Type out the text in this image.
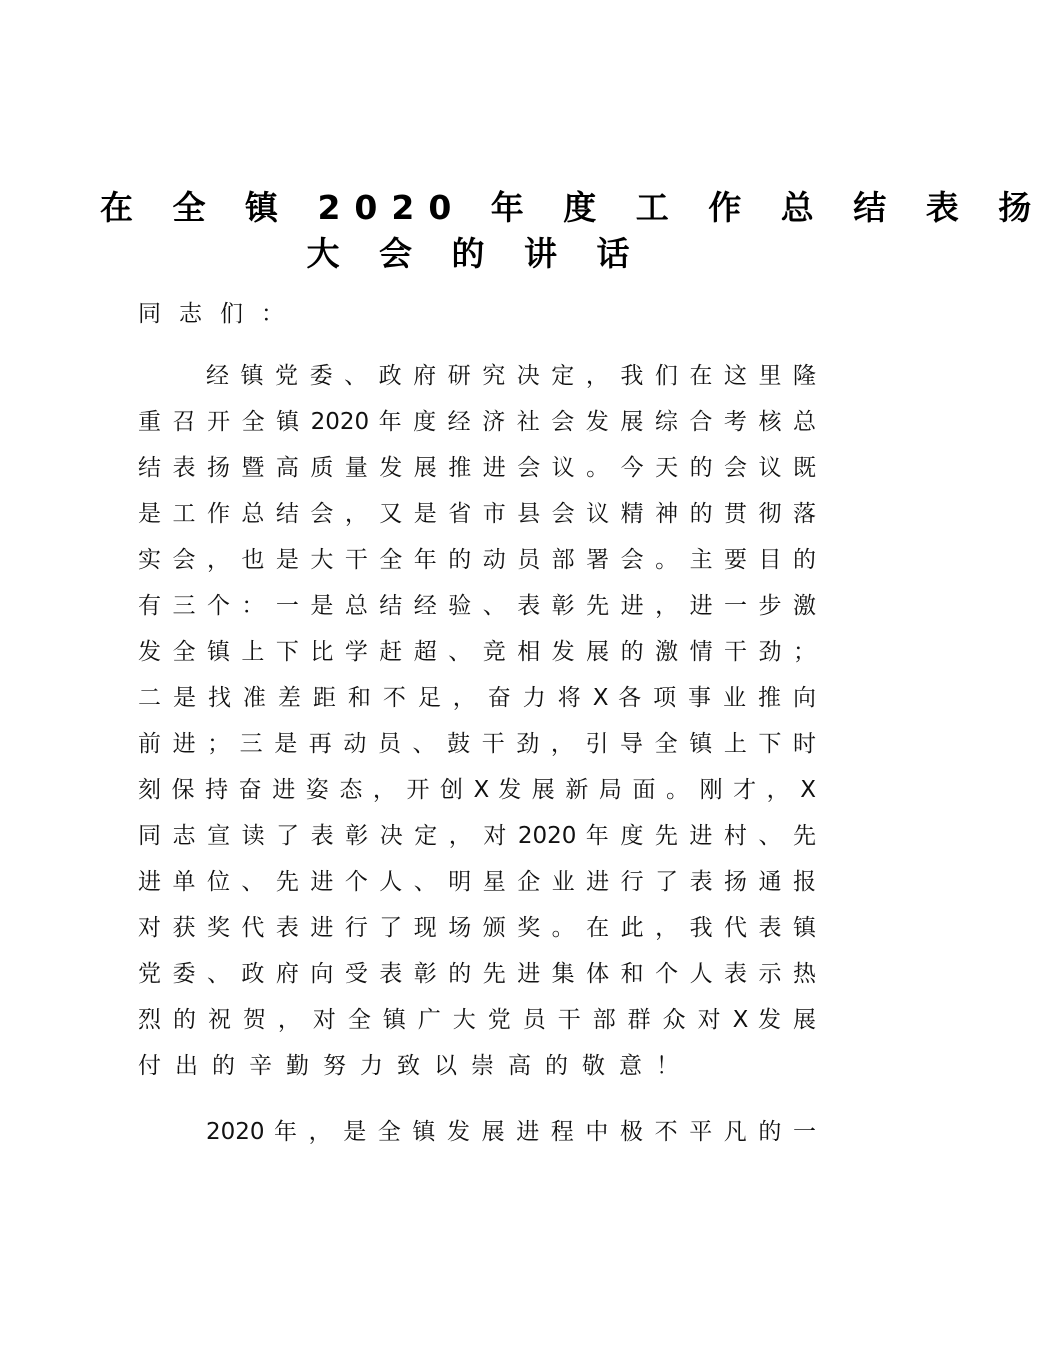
在 全 镇 2020 年 度 工 作 总 结 表 扬
大 会 的 讲 话
同志们：
经 镇 党 委 、 政 府 研 究 决 定 ， 我 们 在 这 里 隆
重 召 开 全 镇 2020 年 度 经 济 社 会 发 展 综 合 考 核 总
结 表 扬 暨 高 质 量 发 展 推 进 会 议 。 今 天 的 会 议 既
是 工 作 总 结 会 ， 又 是 省 市 县 会 议 精 神 的 贯 彻 落
实 会 ， 也 是 大 干 全 年 的 动 员 部 署 会 。 主 要 目 的
有 三 个 ： 一 是 总 结 经 验 、 表 彰 先 进 ， 进 一 步 激
发 全 镇 上 下 比 学 赶 超 、 竞 相 发 展 的 激 情 干 劲 ；
二 是 找 准 差 距 和 不 足 ， 奋 力 将 X 各 项 事 业 推 向
前 进 ； 三 是 再 动 员 、 鼓 干 劲 ， 引 导 全 镇 上 下 时
刻 保 持 奋 进 姿 态 ， 开 创 X 发 展 新 局 面 。 刚 才 ， X
同 志 宣 读 了 表 彰 决 定 ， 对 2020 年 度 先 进 村 、 先
进 单 位 、 先 进 个 人 、 明 星 企 业 进 行 了 表 扬 通 报
对 获 奖 代 表 进 行 了 现 场 颁 奖 。 在 此 ， 我 代 表 镇
党 委 、 政 府 向 受 表 彰 的 先 进 集 体 和 个 人 表 示 热
烈 的 祝 贺 ， 对 全 镇 广 大 党 员 干 部 群 众 对 X 发 展
付出的辛勤努力致以崇高的敬意！
2020 年 ， 是 全 镇 发 展 进 程 中 极 不 平 凡 的 一
